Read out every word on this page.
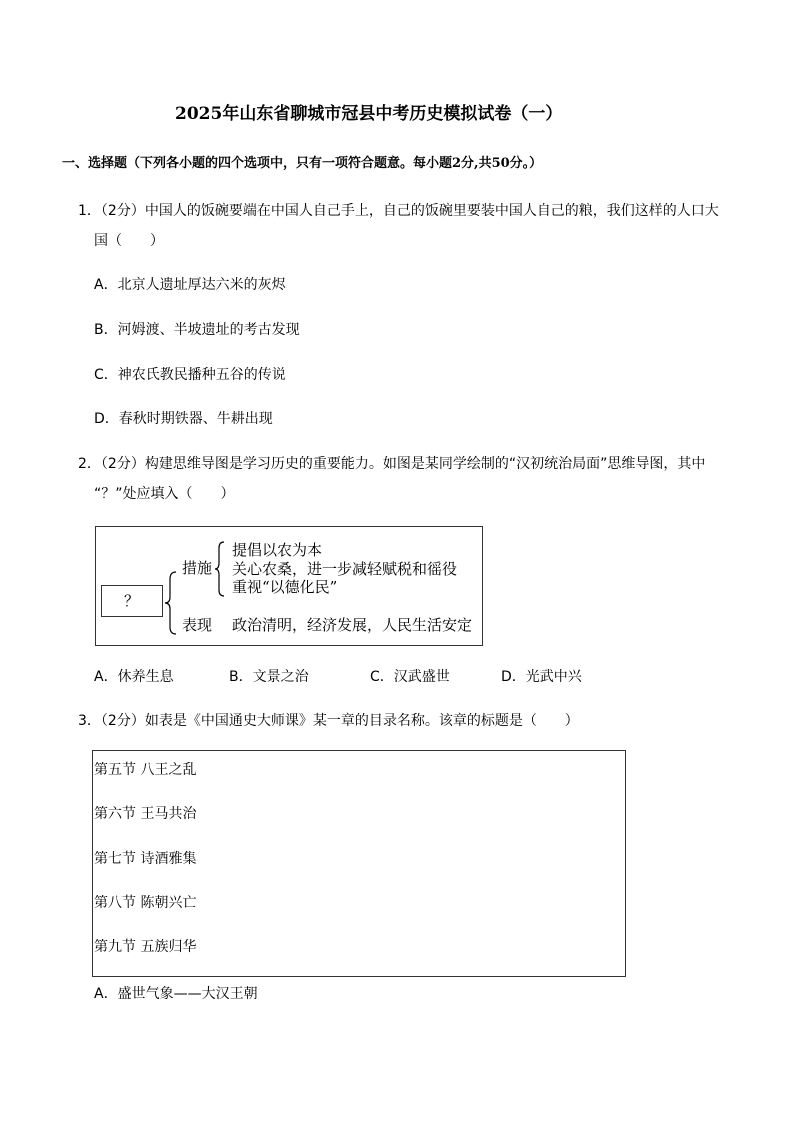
2025年山东省聊城市冠县中考历史模拟试卷（一）
一、选择题（下列各小题的四个选项中，只有一项符合题意。每小题2分,共50分。）
1．（2分）中国人的饭碗要端在中国人自己手上，自己的饭碗里要装中国人自己的粮，我们这样的人口大
国（　　）
A．北京人遗址厚达六米的灰烬
B．河姆渡、半坡遗址的考古发现
C．神农氏教民播种五谷的传说
D．春秋时期铁器、牛耕出现
2．（2分）构建思维导图是学习历史的重要能力。如图是某同学绘制的“汉初统治局面”思维导图，其中
“？”处应填入（　　）
？
措施
提倡以农为本
关心农桑，进一步减轻赋税和徭役
重视“以德化民”
表现 政治清明，经济发展，人民生活安定
A．休养生息	B．文景之治	C．汉武盛世	D．光武中兴
3．（2分）如表是《中国通史大师课》某一章的目录名称。该章的标题是（　　）
第五节 八王之乱
第六节 王马共治
第七节 诗酒雅集
第八节 陈朝兴亡
第九节 五族归华
A．盛世气象——大汉王朝
